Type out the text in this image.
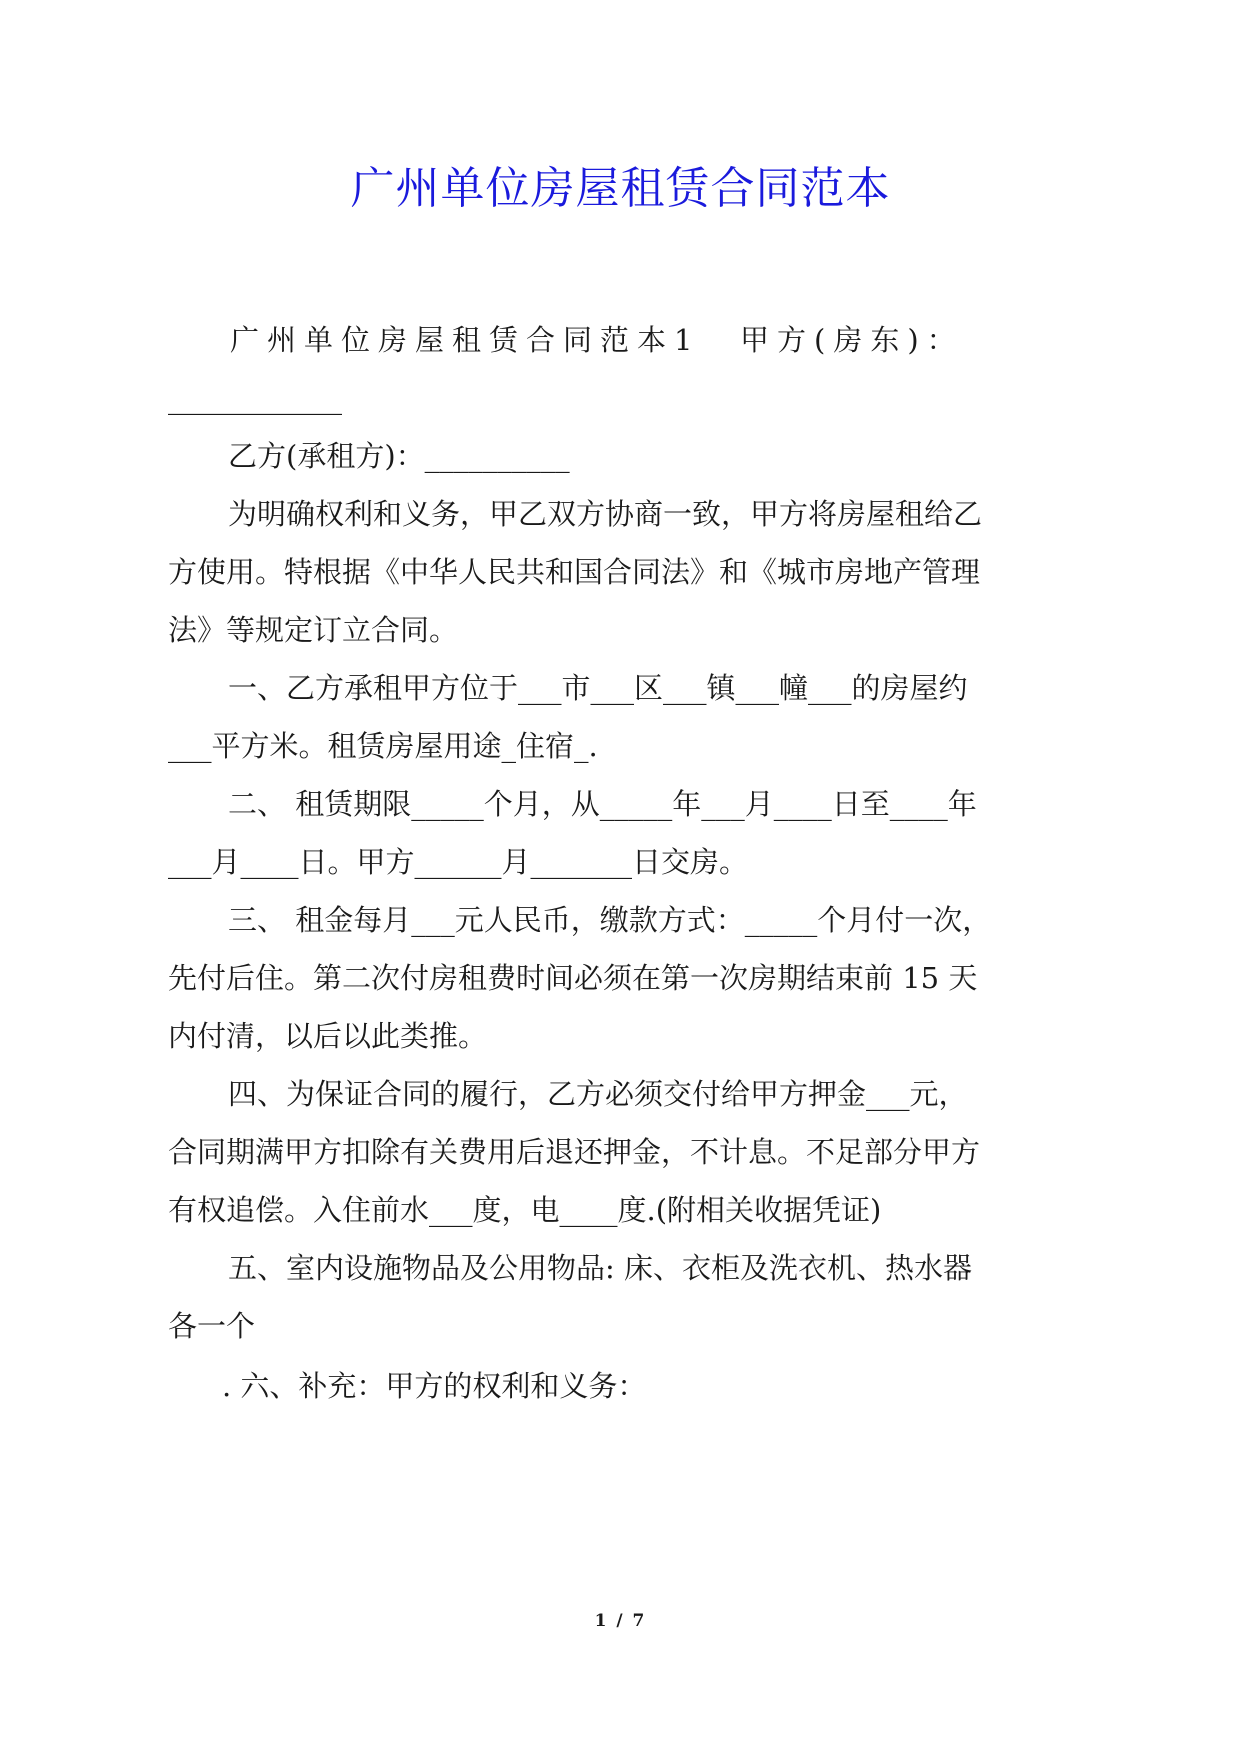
广州单位房屋租赁合同范本
广州单位房屋租赁合同范本1 甲方(房东)：
____________
乙方(承租方)：__________
为明确权利和义务，甲乙双方协商一致，甲方将房屋租给乙
方使用。特根据《中华人民共和国合同法》和《城市房地产管理
法》等规定订立合同。
一、乙方承租甲方位于___市___区___镇___幢___的房屋约
___平方米。租赁房屋用途_住宿_.
二、 租赁期限_____个月，从_____年___月____日至____年
___月____日。甲方______月_______日交房。
三、 租金每月___元人民币，缴款方式：_____个月付一次，
先付后住。第二次付房租费时间必须在第一次房期结束前 15 天
内付清，以后以此类推。
四、为保证合同的履行，乙方必须交付给甲方押金___元，
合同期满甲方扣除有关费用后退还押金，不计息。不足部分甲方
有权追偿。入住前水___度，电____度.(附相关收据凭证)
五、室内设施物品及公用物品: 床、衣柜及洗衣机、热水器
各一个
. 六、补充：甲方的权利和义务：
1 / 7
